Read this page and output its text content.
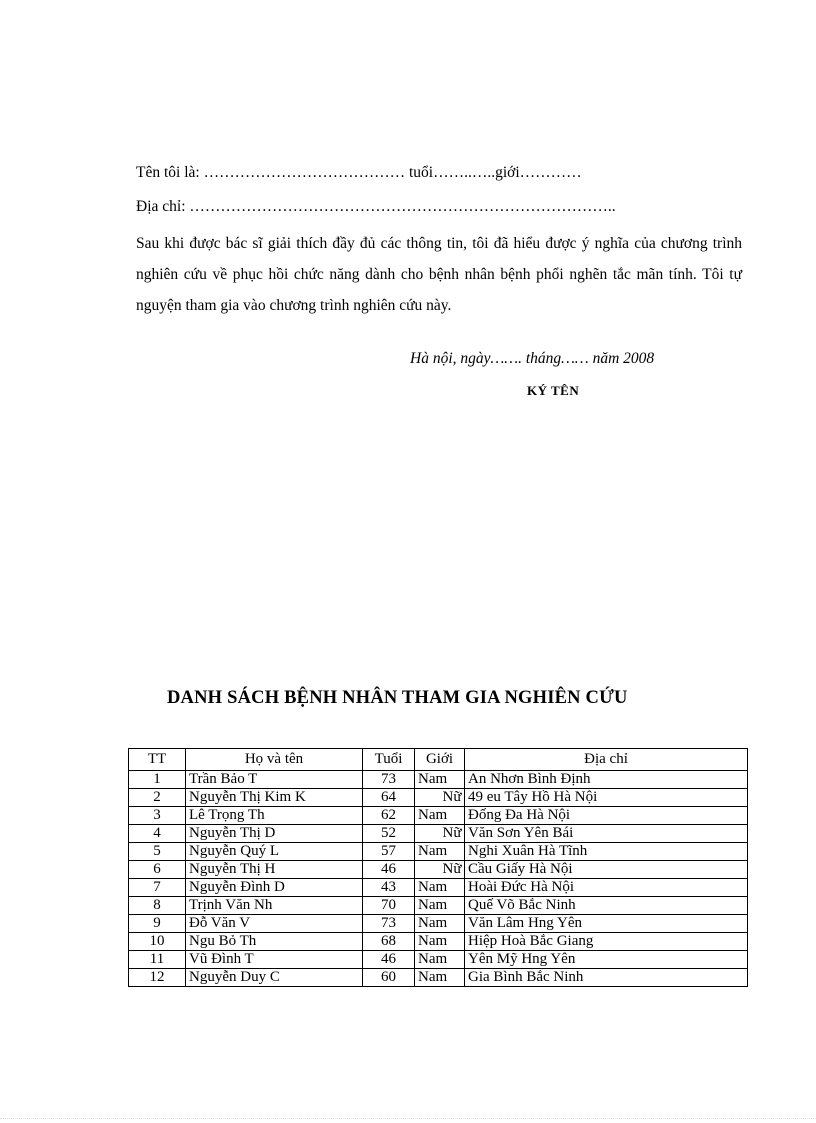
Tên tôi là: ………………………………… tuổi……..…..giới…………
Địa chỉ: ………………………………………………………………………..
Sau khi được bác sĩ giải thích đầy đủ các thông tin, tôi đã hiểu được ý nghĩa của chương trình nghiên cứu về phục hồi chức năng dành cho bệnh nhân bệnh phổi nghẽn tắc mãn tính. Tôi tự nguyện tham gia vào chương trình nghiên cứu này.
Hà nội, ngày……. tháng…… năm 2008
KÝ TÊN
DANH SÁCH BỆNH NHÂN THAM GIA NGHIÊN CỨU
TT	Họ và tên	Tuổi	Giới		Địa chỉ
1	Trần Bảo T	73	Nam		An Nhơn Bình Định
2	Nguyễn Thị Kim K	64		Nữ	49 eu Tây Hồ Hà Nội
3	Lê Trọng Th	62	Nam		Đống Đa Hà Nội
4	Nguyễn Thị D	52		Nữ	Văn Sơn Yên Bái
5	Nguyễn Quý L	57	Nam		Nghi Xuân Hà Tĩnh
6	Nguyễn Thị H	46		Nữ	Cầu Giấy Hà Nội
7	Nguyễn Đình D	43	Nam		Hoài Đức Hà Nội
8	Trịnh Văn Nh	70	Nam		Quế Võ Bắc Ninh
9	Đỗ Văn V	73	Nam		Văn Lâm Hng Yên
10	Ngu Bỏ Th	68	Nam		Hiệp Hoà Bắc Giang
11	Vũ Đình T	46	Nam		Yên Mỹ Hng Yên
12	Nguyễn Duy C	60	Nam		Gia Bình Bắc Ninh
